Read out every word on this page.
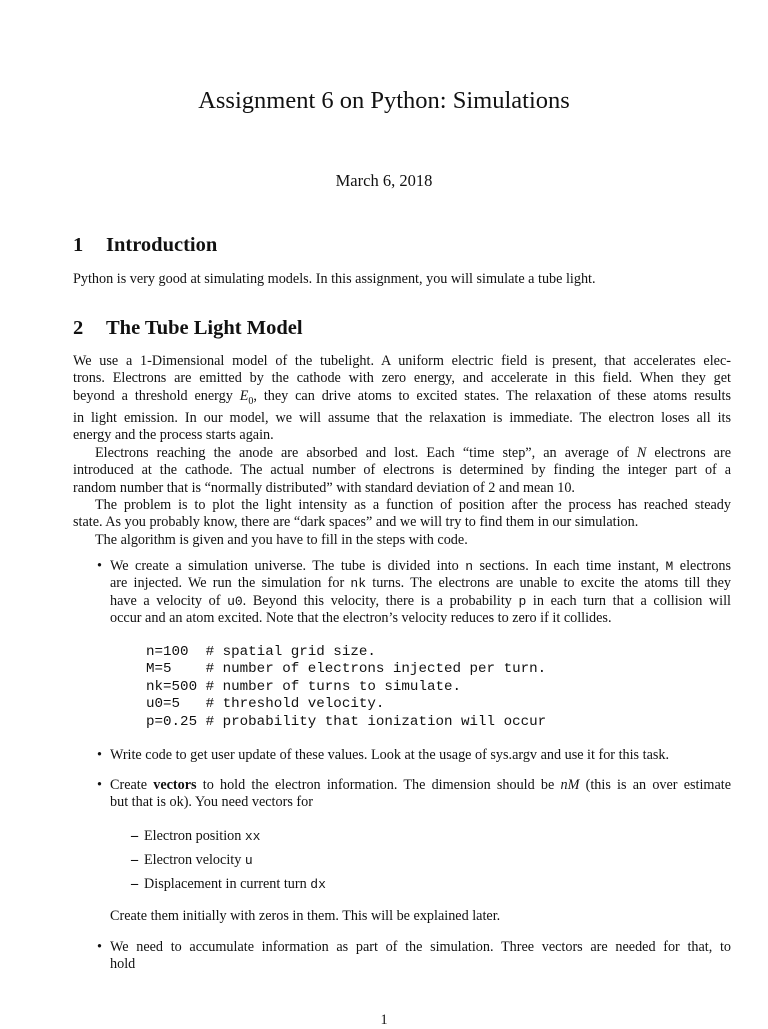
Assignment 6 on Python: Simulations
March 6, 2018
1 Introduction

Python is very good at simulating models. In this assignment, you will simulate a tube light.

2 The Tube Light Model

We use a 1-Dimensional model of the tubelight. A uniform electric field is present, that accelerates elec-
trons. Electrons are emitted by the cathode with zero energy, and accelerate in this field. When they get
beyond a threshold energy $E_0$, they can drive atoms to excited states. The relaxation of these atoms results
in light emission. In our model, we will assume that the relaxation is immediate. The electron loses all its
energy and the process starts again.
Electrons reaching the anode are absorbed and lost. Each “time step”, an average of N electrons are
introduced at the cathode. The actual number of electrons is determined by finding the integer part of a
random number that is “normally distributed” with standard deviation of 2 and mean 10.
The problem is to plot the light intensity as a function of position after the process has reached steady
state. As you probably know, there are “dark spaces” and we will try to find them in our simulation.
The algorithm is given and you have to fill in the steps with code.

• We create a simulation universe. The tube is divided into n sections. In each time instant, M electrons
are injected. We run the simulation for nk turns. The electrons are unable to excite the atoms till they
have a velocity of u0. Beyond this velocity, there is a probability p in each turn that a collision will
occur and an atom excited. Note that the electron’s velocity reduces to zero if it collides.

n=100  # spatial grid size.
M=5    # number of electrons injected per turn.
nk=500 # number of turns to simulate.
u0=5   # threshold velocity.
p=0.25 # probability that ionization will occur
• Write code to get user update of these values. Look at the usage of sys.argv and use it for this task.

• Create vectors to hold the electron information. The dimension should be nM (this is an over estimate
but that is ok). You need vectors for

– Electron position xx
– Electron velocity u
– Displacement in current turn dx

Create them initially with zeros in them. This will be explained later.

• We need to accumulate information as part of the simulation. Three vectors are needed for that, to
hold

1
